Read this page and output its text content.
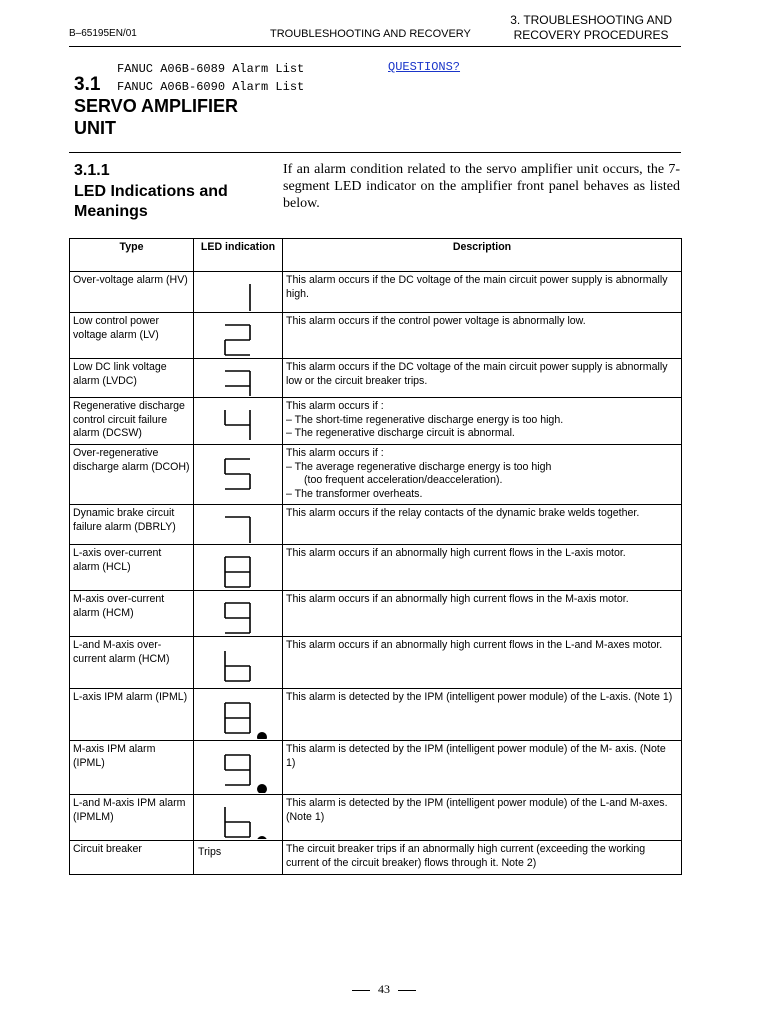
B–65195EN/01	TROUBLESHOOTING AND RECOVERY
3. TROUBLESHOOTING AND
RECOVERY PROCEDURES
FANUC A06B-6089 Alarm List
FANUC A06B-6090 Alarm List
QUESTIONS?
3.1
SERVO AMPLIFIER
UNIT
3.1.1
LED Indications and
Meanings
If an alarm condition related to the servo amplifier unit occurs, the 7-segment LED indicator on the amplifier front panel behaves as listed below.
Type	LED indication	Description
Over-voltage alarm (HV)		This alarm occurs if the DC voltage of the main circuit power supply is abnormally high.

Low control power voltage alarm (LV)		This alarm occurs if the control power voltage is abnormally low.

Low DC link voltage alarm (LVDC)		This alarm occurs if the DC voltage of the main circuit power supply is abnormally low or the circuit breaker trips.

Regenerative discharge control circuit failure alarm (DCSW)		This alarm occurs if :
– The short-time regenerative discharge energy is too high.
– The regenerative discharge circuit is abnormal.

Over-regenerative discharge alarm (DCOH)		This alarm occurs if :
– The average regenerative discharge energy is too high
(too frequent acceleration/deacceleration).
– The transformer overheats.

Dynamic brake circuit failure alarm (DBRLY)		This alarm occurs if the relay contacts of the dynamic brake welds together.

L-axis over-current alarm (HCL)		This alarm occurs if an abnormally high current flows in the L-axis motor.

M-axis over-current alarm (HCM)		This alarm occurs if an abnormally high current flows in the M-axis motor.

L-and M-axis over-current alarm (HCM)		This alarm occurs if an abnormally high current flows in the L-and M-axes motor.

L-axis IPM alarm (IPML)		This alarm is detected by the IPM (intelligent power module) of the L-axis. (Note 1)

M-axis IPM alarm (IPML)		This alarm is detected by the IPM (intelligent power module) of the M- axis. (Note 1)

L-and M-axis IPM alarm (IPMLM)		This alarm is detected by the IPM (intelligent power module) of the L-and M-axes. (Note 1)

Circuit breaker	Trips	The circuit breaker trips if an abnormally high current (exceeding the working current of the circuit breaker) flows through it. Note 2)
43
